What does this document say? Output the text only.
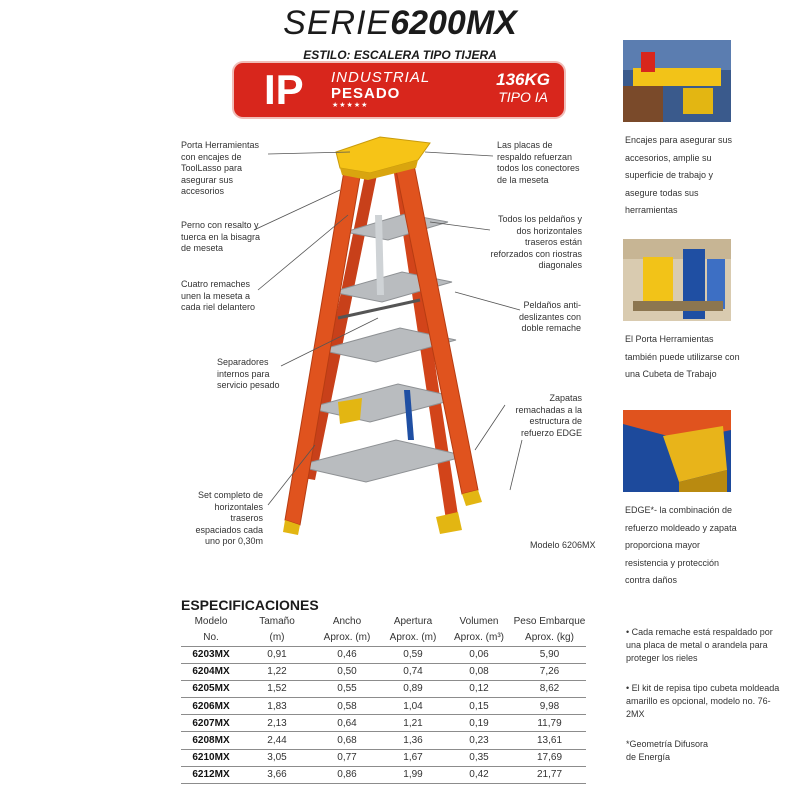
SERIE6200MX
ESTILO: ESCALERA TIPO TIJERA
IP INDUSTRIAL
PESADO
★★★★★
136KG
TIPO IA
Porta Herramientas con encajes de ToolLasso para asegurar sus accesorios
Perno con resalto y tuerca en la bisagra de meseta
Cuatro remaches unen la meseta a cada riel delantero
Separadores internos para servicio pesado
Set completo de horizontales traseros espaciados cada uno por 0,30m
Las placas de respaldo refuerzan todos los conectores de la meseta
Todos los peldaños y dos horizontales traseros están reforzados con riostras diagonales
Peldaños anti-deslizantes con doble remache
Zapatas remachadas a la estructura de refuerzo EDGE
Modelo 6206MX
Encajes para asegurar sus accesorios, amplie su superficie de trabajo y asegure todas sus herramientas
El Porta Herramientas también puede utilizarse con una Cubeta de Trabajo
EDGE*- la combinación de refuerzo moldeado y zapata proporciona mayor resistencia y protección contra daños
ESPECIFICACIONES
Modelo	Tamaño	Ancho	Apertura	Volumen	Peso Embarque
No.	(m)	Aprox. (m)	Aprox. (m)	Aprox. (m³)	Aprox. (kg)
6203MX	0,91	0,46	0,59	0,06	5,90
6204MX	1,22	0,50	0,74	0,08	7,26
6205MX	1,52	0,55	0,89	0,12	8,62
6206MX	1,83	0,58	1,04	0,15	9,98
6207MX	2,13	0,64	1,21	0,19	11,79
6208MX	2,44	0,68	1,36	0,23	13,61
6210MX	3,05	0,77	1,67	0,35	17,69
6212MX	3,66	0,86	1,99	0,42	21,77
• Cada remache está respaldado por una placa de metal o arandela para proteger los rieles
• El kit de repisa tipo cubeta moldeada amarillo es opcional, modelo no. 76-2MX
*Geometría Difusora de Energía
